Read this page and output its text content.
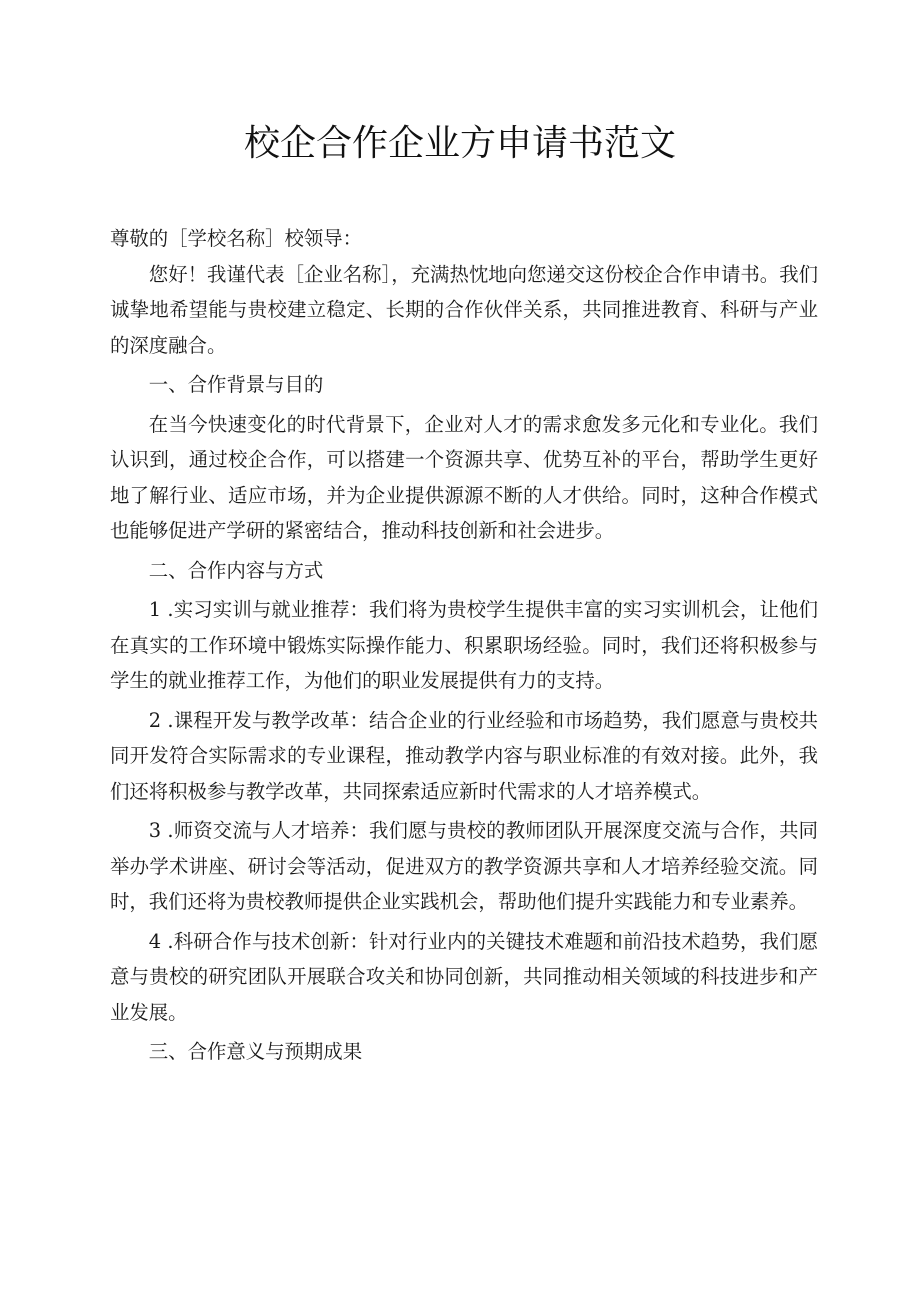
校企合作企业方申请书范文

尊敬的［学校名称］校领导：

您好！我谨代表［企业名称］，充满热忱地向您递交这份校企合作申请书。我们诚挚地希望能与贵校建立稳定、长期的合作伙伴关系，共同推进教育、科研与产业的深度融合。

一、合作背景与目的

在当今快速变化的时代背景下，企业对人才的需求愈发多元化和专业化。我们认识到，通过校企合作，可以搭建一个资源共享、优势互补的平台，帮助学生更好地了解行业、适应市场，并为企业提供源源不断的人才供给。同时，这种合作模式也能够促进产学研的紧密结合，推动科技创新和社会进步。

二、合作内容与方式

1 .实习实训与就业推荐：我们将为贵校学生提供丰富的实习实训机会，让他们在真实的工作环境中锻炼实际操作能力、积累职场经验。同时，我们还将积极参与学生的就业推荐工作，为他们的职业发展提供有力的支持。

2 .课程开发与教学改革：结合企业的行业经验和市场趋势，我们愿意与贵校共同开发符合实际需求的专业课程，推动教学内容与职业标准的有效对接。此外，我们还将积极参与教学改革，共同探索适应新时代需求的人才培养模式。

3 .师资交流与人才培养：我们愿与贵校的教师团队开展深度交流与合作，共同举办学术讲座、研讨会等活动，促进双方的教学资源共享和人才培养经验交流。同时，我们还将为贵校教师提供企业实践机会，帮助他们提升实践能力和专业素养。

4 .科研合作与技术创新：针对行业内的关键技术难题和前沿技术趋势，我们愿意与贵校的研究团队开展联合攻关和协同创新，共同推动相关领域的科技进步和产业发展。

三、合作意义与预期成果
